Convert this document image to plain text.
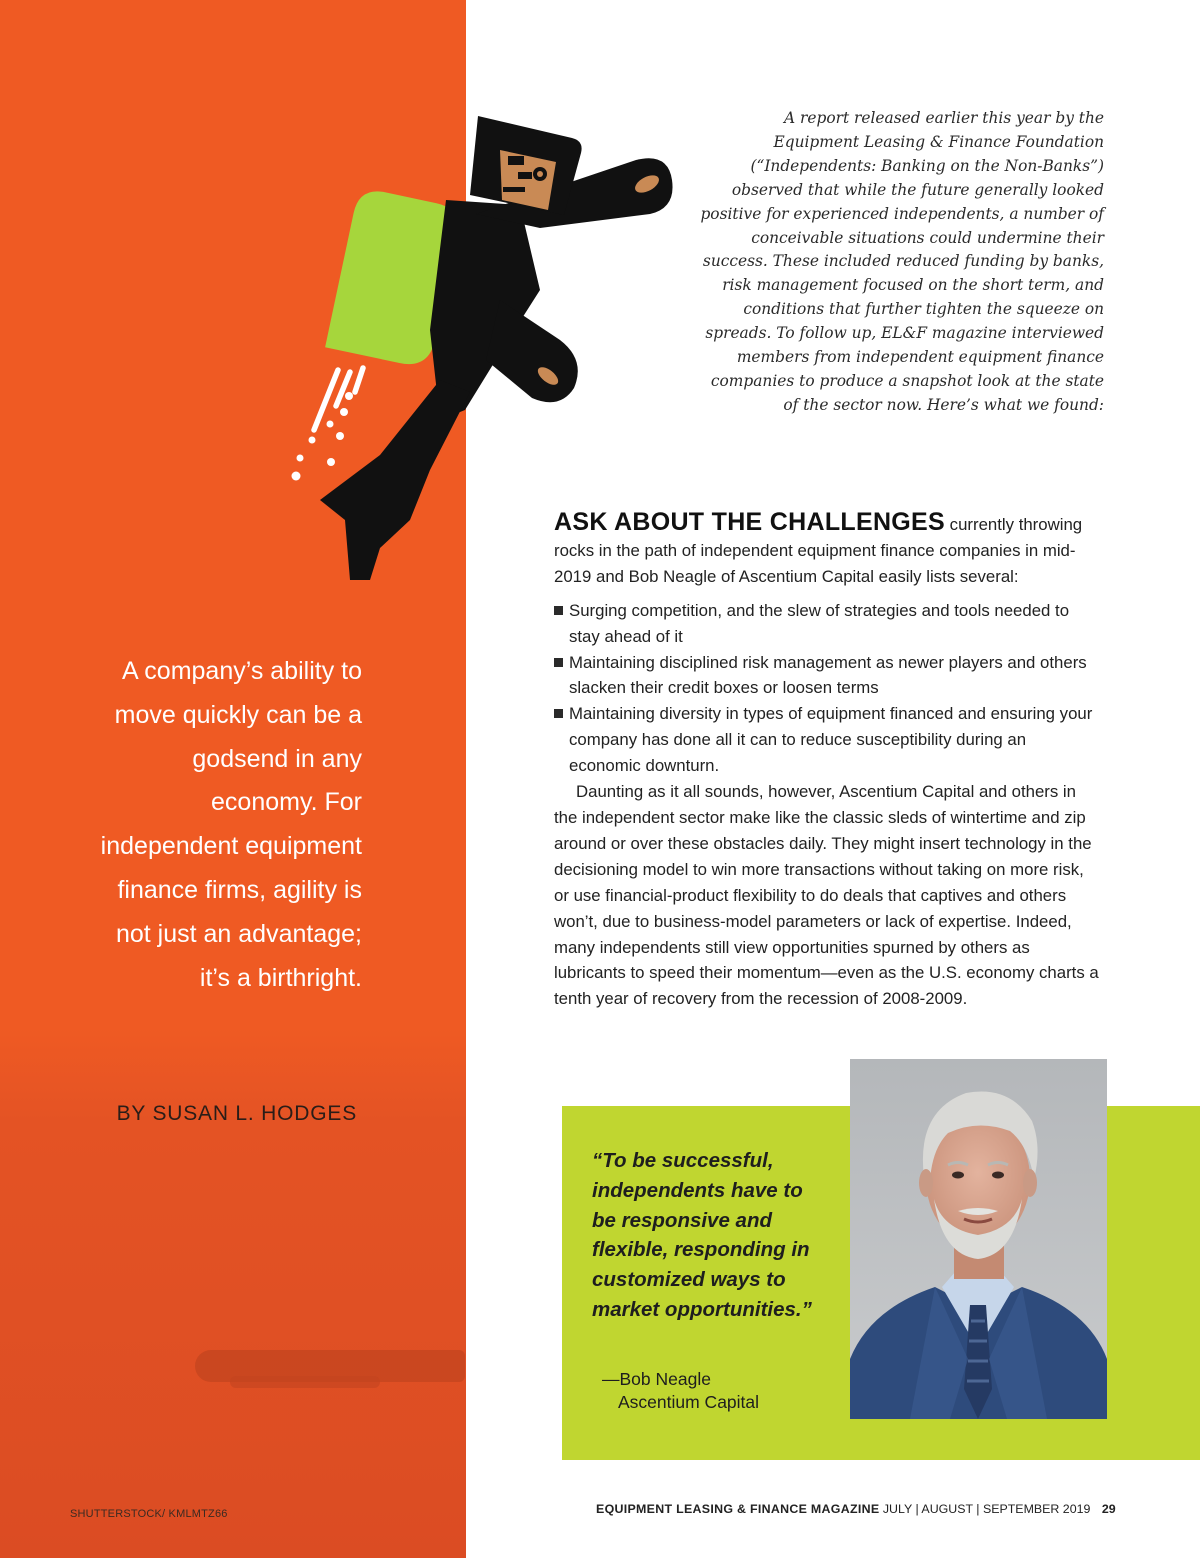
A company’s ability to move quickly can be a godsend in any economy. For independent equipment finance firms, agility is not just an advantage; it’s a birthright.
BY SUSAN L. HODGES
SHUTTERSTOCK/ KMLMTZ66
A report released earlier this year by the Equipment Leasing & Finance Foundation (“Independents: Banking on the Non-Banks”) observed that while the future generally looked positive for experienced independents, a number of conceivable situations could undermine their success. These included reduced funding by banks, risk management focused on the short term, and conditions that further tighten the squeeze on spreads. To follow up, EL&F magazine interviewed members from independent equipment finance companies to produce a snapshot look at the state of the sector now. Here’s what we found:

ASK ABOUT THE CHALLENGES currently throwing rocks in the path of independent equipment finance companies in mid-2019 and Bob Neagle of Ascentium Capital easily lists several:

Surging competition, and the slew of strategies and tools needed to stay ahead of it
Maintaining disciplined risk management as newer players and others slacken their credit boxes or loosen terms
Maintaining diversity in types of equipment financed and ensuring your company has done all it can to reduce susceptibility during an economic downturn.

Daunting as it all sounds, however, Ascentium Capital and others in the independent sector make like the classic sleds of wintertime and zip around or over these obstacles daily. They might insert technology in the decisioning model to win more transactions without taking on more risk, or use financial-product flexibility to do deals that captives and others won’t, due to business-model parameters or lack of expertise. Indeed, many independents still view opportunities spurned by others as lubricants to speed their momentum—even as the U.S. economy charts a tenth year of recovery from the recession of 2008-2009.

“To be successful, independents have to be responsive and flexible, responding in customized ways to market opportunities.”
—Bob Neagle
Ascentium Capital
EQUIPMENT LEASING & FINANCE MAGAZINE JULY | AUGUST | SEPTEMBER 2019 29
